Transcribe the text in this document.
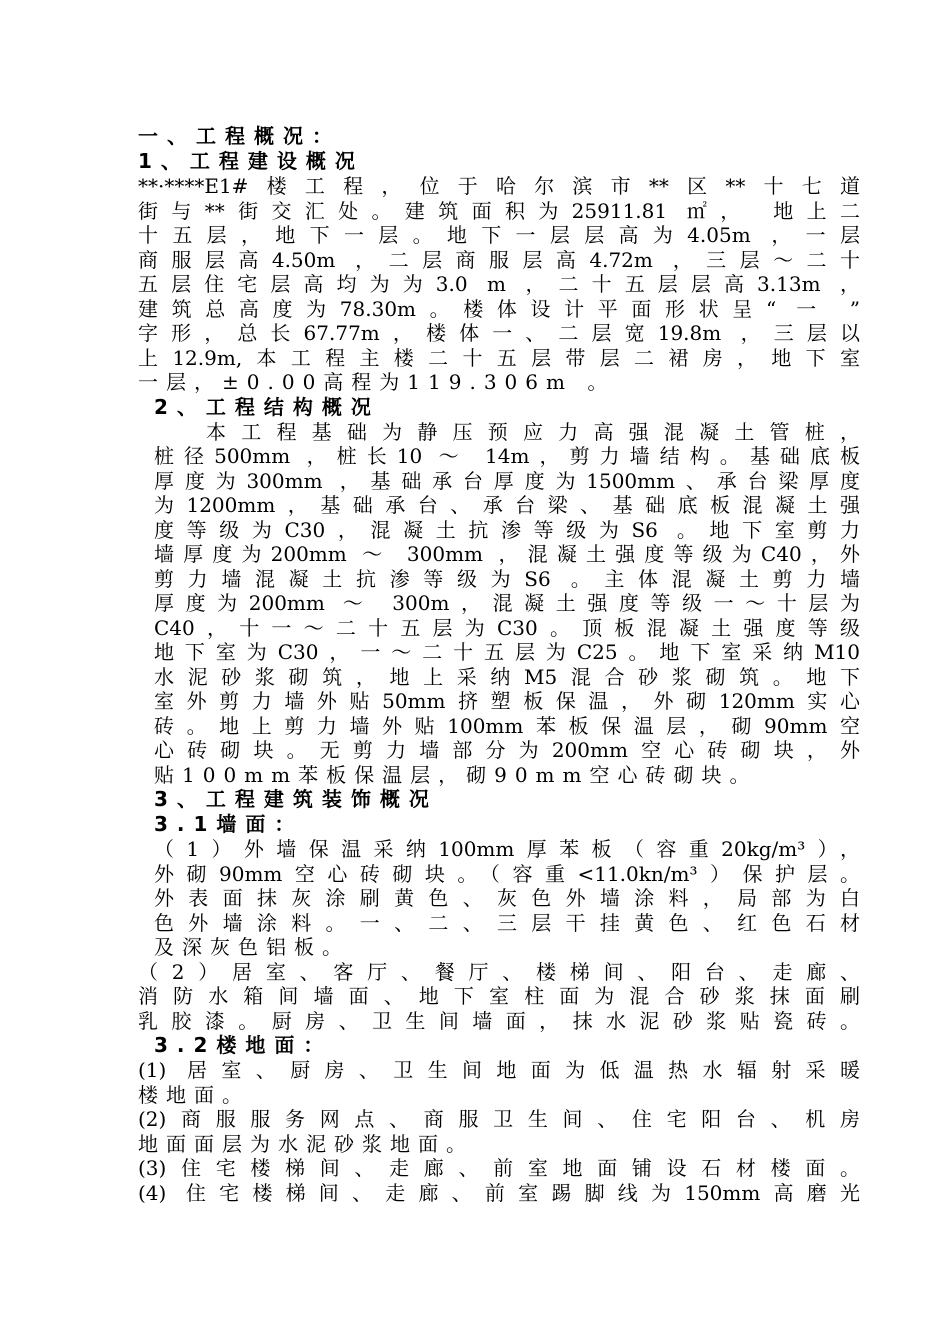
一、工程概况：
1、工程建设概况
**·****E1#楼工程，位于哈尔滨市**区**十七道
街与**街交汇处。建筑面积为25911.81 ㎡， 地上二
十五层，地下一层。地下一层层高为4.05m ，一层
商服层高4.50m ，二层商服层高4.72m ，三层～二十
五层住宅层高均为为3.0 m ，二十五层层高3.13m ，
建筑总高度为78.30m。楼体设计平面形状呈“ 一 ”
字形，总长67.77m，楼体一、二层宽19.8m ，三层以
上12.9m,本工程主楼二十五层带层二裙房，地下室
一层，±0.00高程为119.306m 。
2、工程结构概况
本工程基础为静压预应力高强混凝土管桩，
桩径500mm ，桩长10 ～ 14m，剪力墙结构。基础底板
厚度为300mm ，基础承台厚度为1500mm、承台梁厚度
为1200mm，基础承台、承台梁、基础底板混凝土强
度等级为C30，混凝土抗渗等级为S6 。地下室剪力
墙厚度为200mm ～ 300mm ，混凝土强度等级为C40，外
剪力墙混凝土抗渗等级为S6 。主体混凝土剪力墙
厚度为200mm ～ 300m，混凝土强度等级一～十层为
C40，十一～二十五层为C30。顶板混凝土强度等级
地下室为C30，一～二十五层为C25。地下室采纳M10
水泥砂浆砌筑，地上采纳M5混合砂浆砌筑。地下
室外剪力墙外贴50mm挤塑板保温，外砌120mm实心
砖。地上剪力墙外贴100mm苯板保温层，砌90mm空
心砖砌块。无剪力墙部分为200mm空心砖砌块，外
贴100mm苯板保温层，砌90mm空心砖砌块。
3、工程建筑装饰概况
3.1墙面：
（1）外墙保温采纳100mm厚苯板（容重20kg/m³），
外砌90mm空心砖砌块。（容重<11.0kn/m³）保护层。
外表面抹灰涂刷黄色、灰色外墙涂料，局部为白
色外墙涂料。一、二、三层干挂黄色、红色石材
及深灰色铝板。
（2）居室、客厅、餐厅、楼梯间、阳台、走廊、
消防水箱间墙面、地下室柱面为混合砂浆抹面刷
乳胶漆。厨房、卫生间墙面，抹水泥砂浆贴瓷砖。
3.2楼地面：
(1) 居室、厨房、卫生间地面为低温热水辐射采暖
楼地面。
(2)商服服务网点、商服卫生间、住宅阳台、机房
地面面层为水泥砂浆地面。
(3)住宅楼梯间、走廊、前室地面铺设石材楼面。
(4) 住宅楼梯间、走廊、前室踢脚线为150mm高磨光
